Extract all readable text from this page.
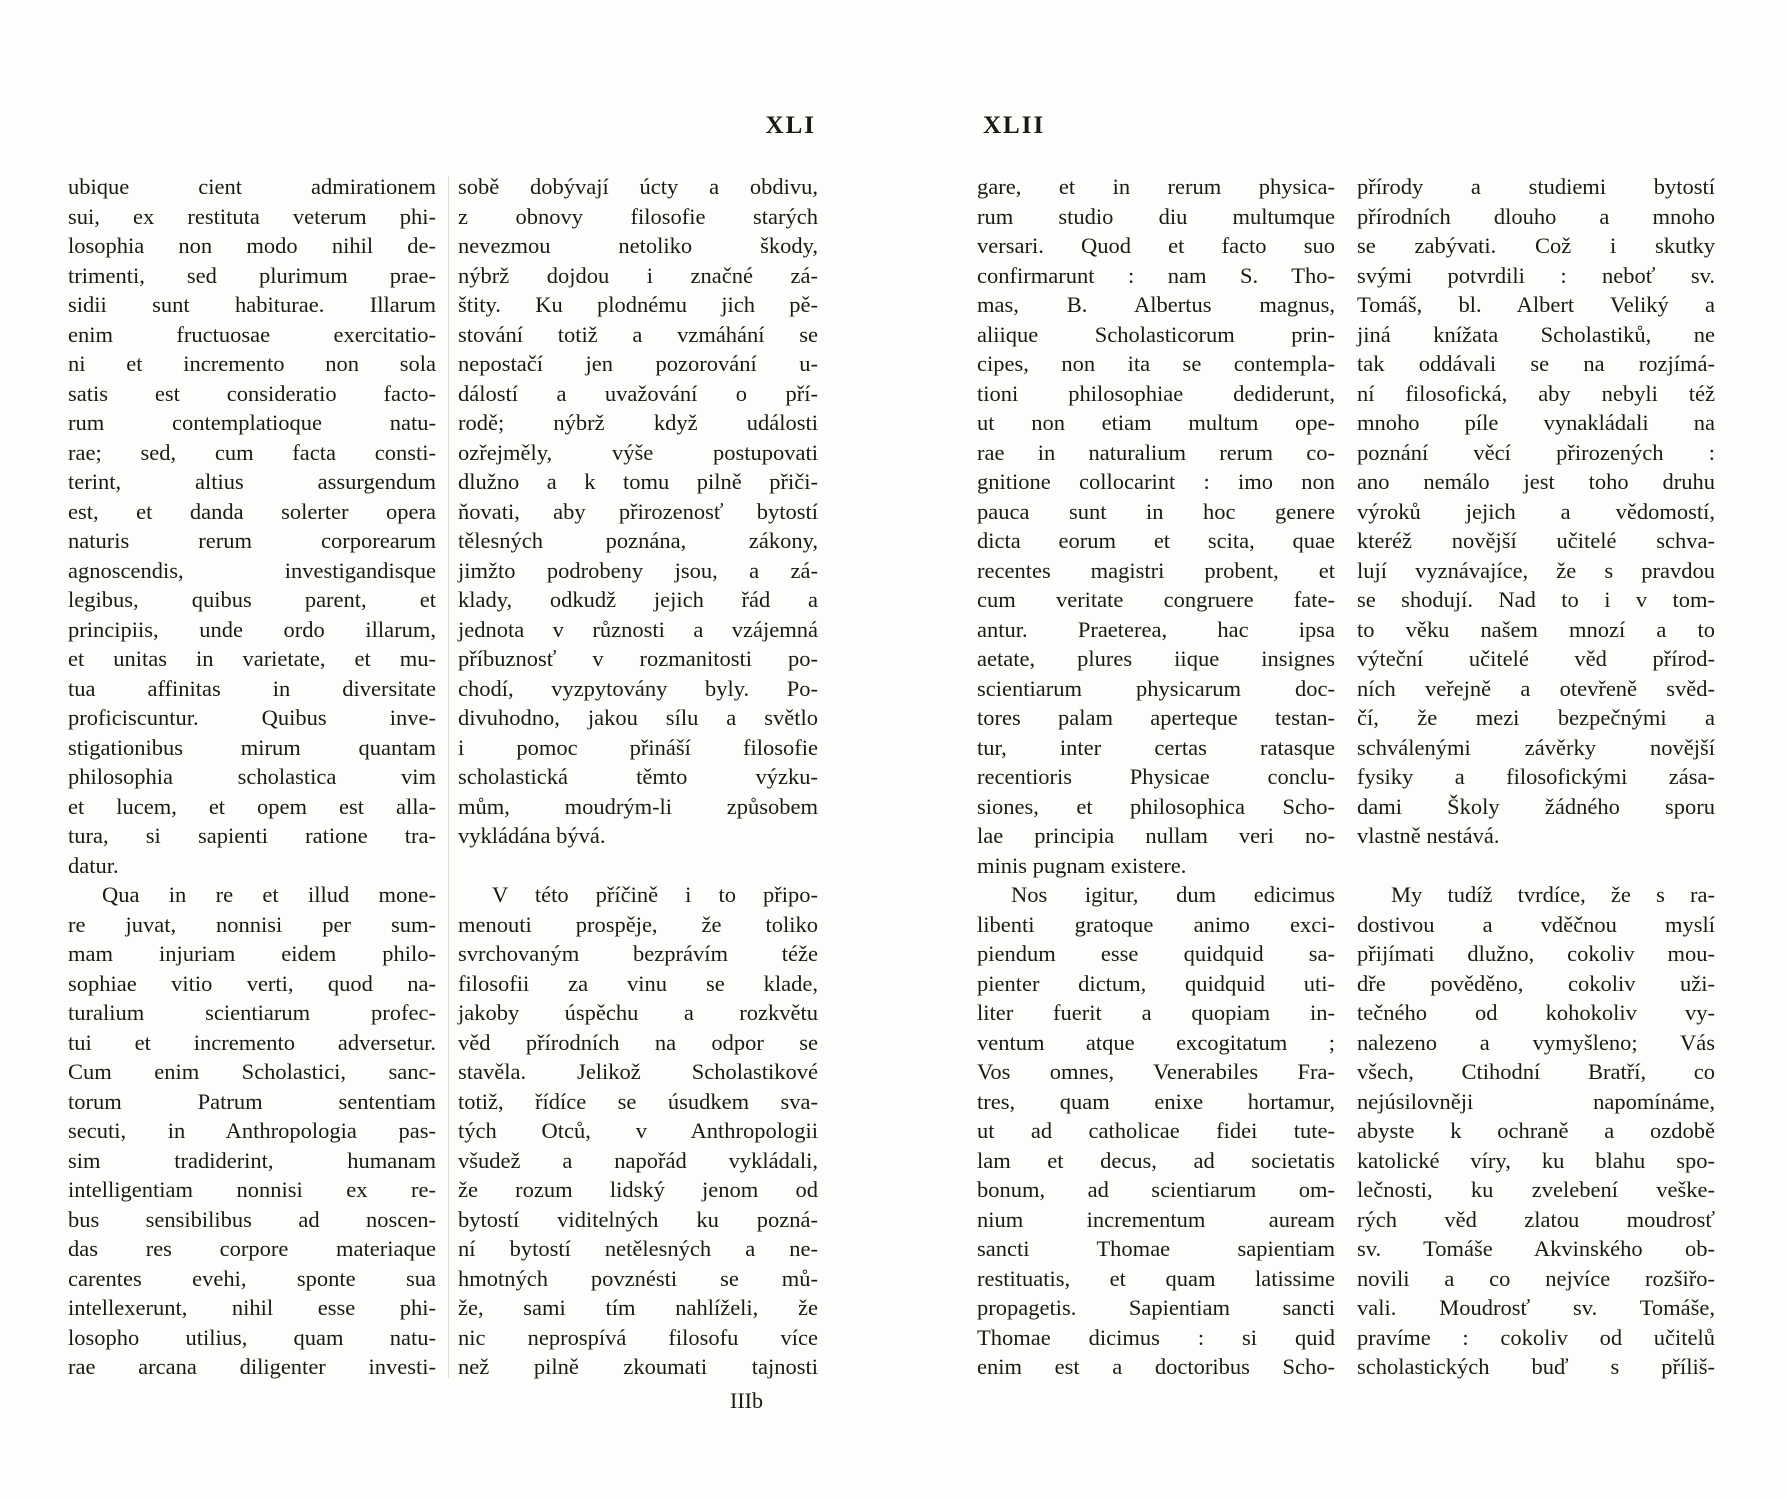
XLI
ubique cient admirationem
sui, ex restituta veterum phi-
losophia non modo nihil de-
trimenti, sed plurimum prae-
sidii sunt habiturae. Illarum
enim fructuosae exercitatio-
ni et incremento non sola
satis est consideratio facto-
rum contemplatioque natu-
rae; sed, cum facta consti-
terint, altius assurgendum
est, et danda solerter opera
naturis rerum corporearum
agnoscendis, investigandisque
legibus, quibus parent, et
principiis, unde ordo illarum,
et unitas in varietate, et mu-
tua affinitas in diversitate
proficiscuntur. Quibus inve-
stigationibus mirum quantam
philosophia scholastica vim
et lucem, et opem est alla-
tura, si sapienti ratione tra-
datur.
Qua in re et illud mone-
re juvat, nonnisi per sum-
mam injuriam eidem philo-
sophiae vitio verti, quod na-
turalium scientiarum profec-
tui et incremento adversetur.
Cum enim Scholastici, sanc-
torum Patrum sententiam
secuti, in Anthropologia pas-
sim tradiderint, humanam
intelligentiam nonnisi ex re-
bus sensibilibus ad noscen-
das res corpore materiaque
carentes evehi, sponte sua
intellexerunt, nihil esse phi-
losopho utilius, quam natu-
rae arcana diligenter investi-
sobě dobývají úcty a obdivu,
z obnovy filosofie starých
nevezmou netoliko škody,
nýbrž dojdou i značné zá-
štity. Ku plodnému jich pě-
stování totiž a vzmáhání se
nepostačí jen pozorování u-
dálostí a uvažování o pří-
rodě; nýbrž když události
ozřejměly, výše postupovati
dlužno a k tomu pilně přiči-
ňovati, aby přirozenosť bytostí
tělesných poznána, zákony,
jimžto podrobeny jsou, a zá-
klady, odkudž jejich řád a
jednota v různosti a vzájemná
příbuznosť v rozmanitosti po-
chodí, vyzpytovány byly. Po-
divuhodno, jakou sílu a světlo
i pomoc přináší filosofie
scholastická těmto výzku-
mům, moudrým-li způsobem
vykládána bývá.
V této příčině i to připo-
menouti prospěje, že toliko
svrchovaným bezprávím téže
filosofii za vinu se klade,
jakoby úspěchu a rozkvětu
věd přírodních na odpor se
stavěla. Jelikož Scholastikové
totiž, řídíce se úsudkem sva-
tých Otců, v Anthropologii
všudež a napořád vykládali,
že rozum lidský jenom od
bytostí viditelných ku pozná-
ní bytostí netělesných a ne-
hmotných povznésti se mů-
že, sami tím nahlíželi, že
nic neprospívá filosofu více
než pilně zkoumati tajnosti
IIIb
XLII
gare, et in rerum physica-
rum studio diu multumque
versari. Quod et facto suo
confirmarunt : nam S. Tho-
mas, B. Albertus magnus,
aliique Scholasticorum prin-
cipes, non ita se contempla-
tioni philosophiae dediderunt,
ut non etiam multum ope-
rae in naturalium rerum co-
gnitione collocarint : imo non
pauca sunt in hoc genere
dicta eorum et scita, quae
recentes magistri probent, et
cum veritate congruere fate-
antur. Praeterea, hac ipsa
aetate, plures iique insignes
scientiarum physicarum doc-
tores palam aperteque testan-
tur, inter certas ratasque
recentioris Physicae conclu-
siones, et philosophica Scho-
lae principia nullam veri no-
minis pugnam existere.
Nos igitur, dum edicimus
libenti gratoque animo exci-
piendum esse quidquid sa-
pienter dictum, quidquid uti-
liter fuerit a quopiam in-
ventum atque excogitatum ;
Vos omnes, Venerabiles Fra-
tres, quam enixe hortamur,
ut ad catholicae fidei tute-
lam et decus, ad societatis
bonum, ad scientiarum om-
nium incrementum auream
sancti Thomae sapientiam
restituatis, et quam latissime
propagetis. Sapientiam sancti
Thomae dicimus : si quid
enim est a doctoribus Scho-
přírody a studiemi bytostí
přírodních dlouho a mnoho
se zabývati. Což i skutky
svými potvrdili : neboť sv.
Tomáš, bl. Albert Veliký a
jiná knížata Scholastiků, ne
tak oddávali se na rozjímá-
ní filosofická, aby nebyli též
mnoho píle vynakládali na
poznání věcí přirozených :
ano nemálo jest toho druhu
výroků jejich a vědomostí,
kteréž novější učitelé schva-
lují vyznávajíce, že s pravdou
se shodují. Nad to i v tom-
to věku našem mnozí a to
výteční učitelé věd přírod-
ních veřejně a otevřeně svěd-
čí, že mezi bezpečnými a
schválenými závěrky novější
fysiky a filosofickými zása-
dami Školy žádného sporu
vlastně nestává.
My tudíž tvrdíce, že s ra-
dostivou a vděčnou myslí
přijímati dlužno, cokoliv mou-
dře pověděno, cokoliv uži-
tečného od kohokoliv vy-
nalezeno a vymyšleno; Vás
všech, Ctihodní Bratří, co
nejúsilovněji napomínáme,
abyste k ochraně a ozdobě
katolické víry, ku blahu spo-
lečnosti, ku zvelebení veške-
rých věd zlatou moudrosť
sv. Tomáše Akvinského ob-
novili a co nejvíce rozšiřo-
vali. Moudrosť sv. Tomáše,
pravíme : cokoliv od učitelů
scholastických buď s příliš-
